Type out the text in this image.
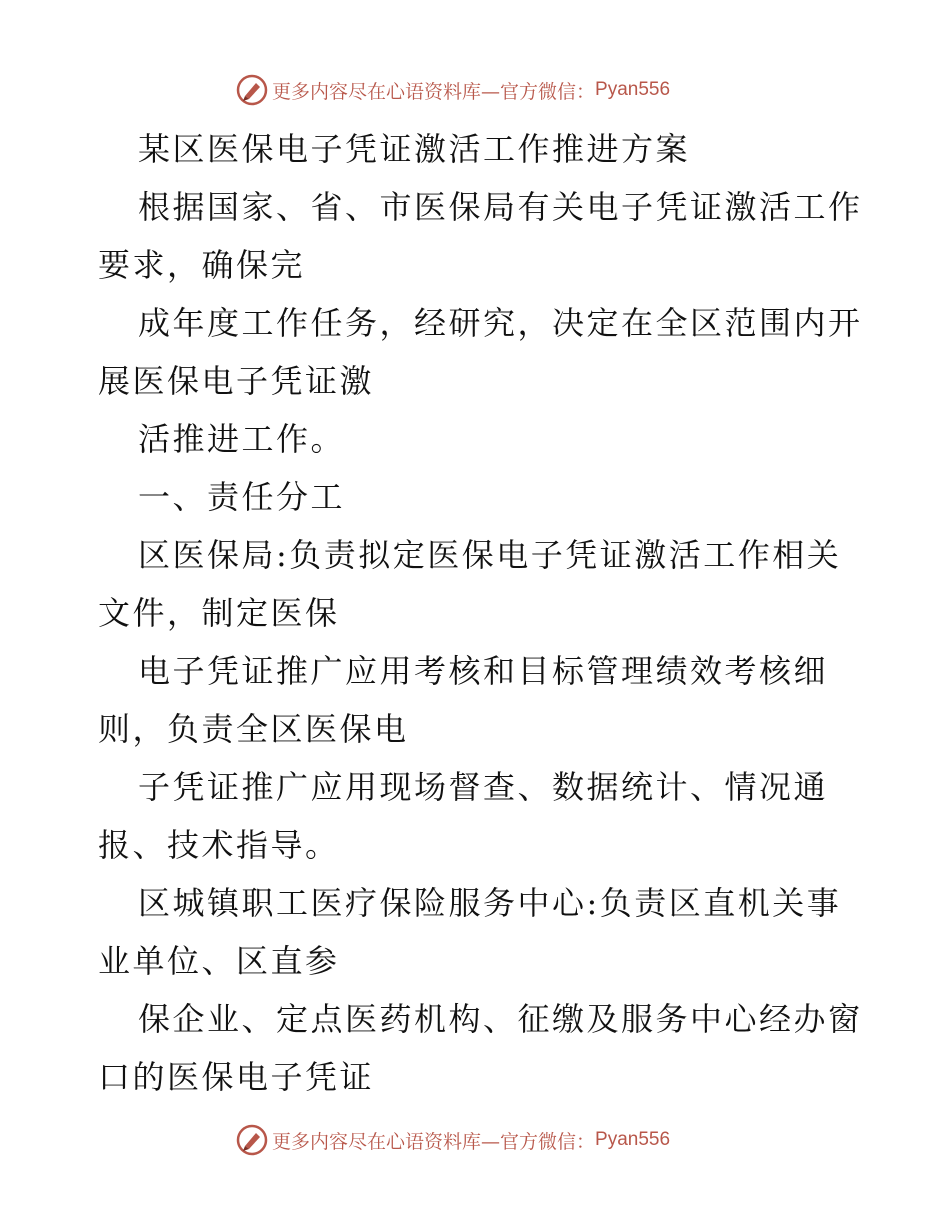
更多内容尽在心语资料库—官方微信： Pyan556
某区医保电子凭证激活工作推进方案
根据国家、省、市医保局有关电子凭证激活工作
要求，确保完
成年度工作任务，经研究，决定在全区范围内开
展医保电子凭证激
活推进工作。
一、责任分工
区医保局:负责拟定医保电子凭证激活工作相关
文件，制定医保
电子凭证推广应用考核和目标管理绩效考核细
则，负责全区医保电
子凭证推广应用现场督查、数据统计、情况通
报、技术指导。
区城镇职工医疗保险服务中心:负责区直机关事
业单位、区直参
保企业、定点医药机构、征缴及服务中心经办窗
口的医保电子凭证
更多内容尽在心语资料库—官方微信： Pyan556
